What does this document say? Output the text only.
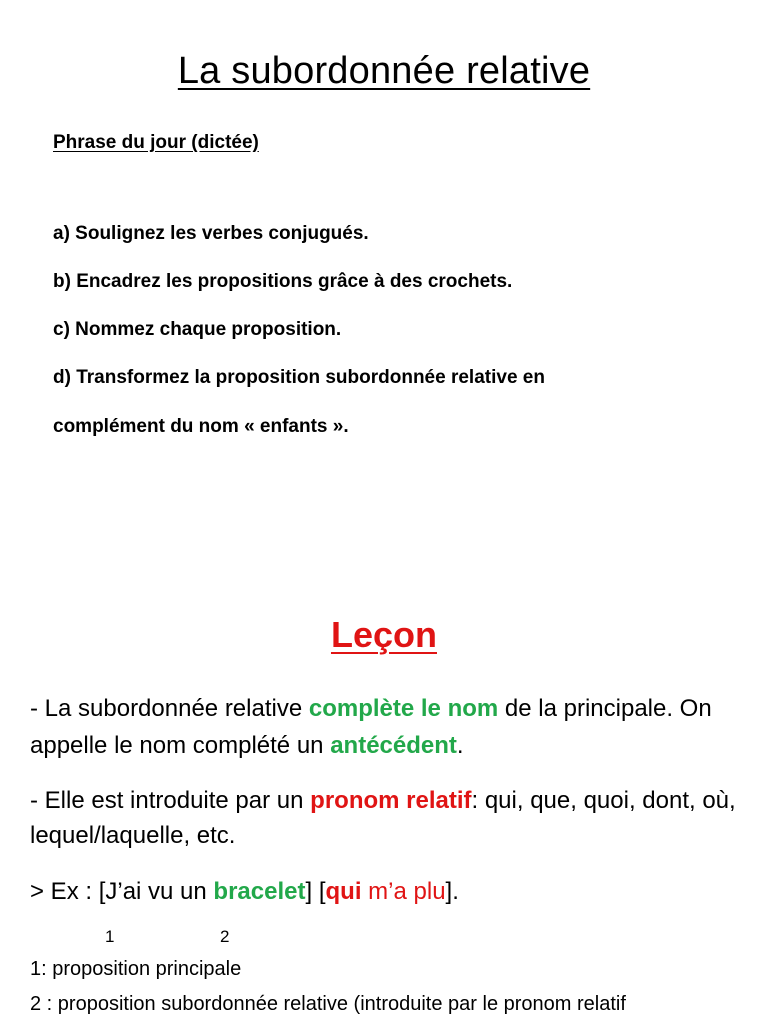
La subordonnée relative
Phrase du jour (dictée)
a) Soulignez les verbes conjugués.
b) Encadrez les propositions grâce à des crochets.
c) Nommez chaque proposition.
d) Transformez la proposition subordonnée relative en
complément du nom « enfants ».
Leçon
- La subordonnée relative complète le nom de la principale. On appelle le nom complété un antécédent.
- Elle est introduite par un pronom relatif: qui, que, quoi, dont, où, lequel/laquelle, etc.
> Ex : [J’ai vu un bracelet] [qui m’a plu].
1	2
1: proposition principale
2 : proposition subordonnée relative (introduite par le pronom relatif
